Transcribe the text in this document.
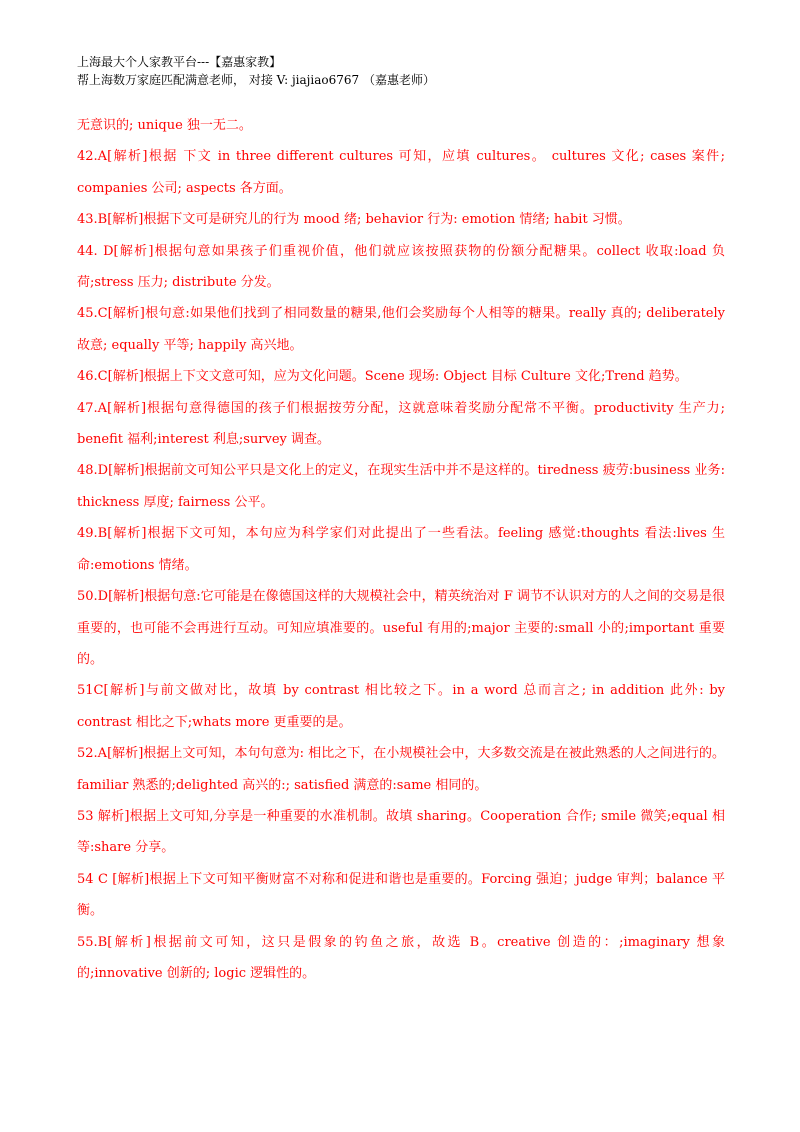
上海最大个人家教平台---【嘉惠家教】
帮上海数万家庭匹配满意老师， 对接 V: jiajiao6767 （嘉惠老师）

无意识的; unique 独一无二。

42.A[解析]根据 下文 in three different cultures 可知，应填 cultures。 cultures 文化; cases 案件; companies 公司; aspects 各方面。

43.B[解析]根据下文可是研究儿的行为 mood 绪; behavior 行为: emotion 情绪; habit 习惯。

44. D[解析]根据句意如果孩子们重视价值，他们就应该按照获物的份额分配糖果。collect 收取:load 负荷;stress 压力; distribute 分发。

45.C[解析]根句意:如果他们找到了相同数量的糖果,他们会奖励每个人相等的糖果。really 真的; deliberately 故意; equally 平等; happily 高兴地。

46.C[解析]根据上下文文意可知，应为文化问题。Scene 现场: Object 目标 Culture 文化;Trend 趋势。

47.A[解析]根据句意得德国的孩子们根据按劳分配，这就意味着奖励分配常不平衡。productivity 生产力; benefit 福利;interest 利息;survey 调查。

48.D[解析]根据前文可知公平只是文化上的定义，在现实生活中并不是这样的。tiredness 疲劳:business 业务: thickness 厚度; fairness 公平。

49.B[解析]根据下文可知，本句应为科学家们对此提出了一些看法。feeling 感觉:thoughts 看法:lives 生命:emotions 情绪。

50.D[解析]根据句意:它可能是在像德国这样的大规模社会中，精英统治对 F 调节不认识对方的人之间的交易是很重要的，也可能不会再进行互动。可知应填准要的。useful 有用的;major 主要的:small 小的;important 重要的。

51C[解析]与前文做对比，故填 by contrast 相比较之下。in a word 总而言之; in addition 此外: by contrast 相比之下;whats more 更重要的是。

52.A[解析]根据上文可知，本句句意为: 相比之下，在小规模社会中，大多数交流是在被此熟悉的人之间进行的。familiar 熟悉的;delighted 高兴的:; satisfied 满意的:same 相同的。

53 解析]根据上文可知,分享是一种重要的水准机制。故填 sharing。Cooperation 合作; smile 微笑;equal 相等:share 分享。

54 C [解析]根据上下文可知平衡财富不对称和促进和谐也是重要的。Forcing 强迫；judge 审判；balance 平衡。

55.B[解析]根据前文可知，这只是假象的钓鱼之旅，故选 B。creative 创造的：;imaginary 想象的;innovative 创新的; logic 逻辑性的。
